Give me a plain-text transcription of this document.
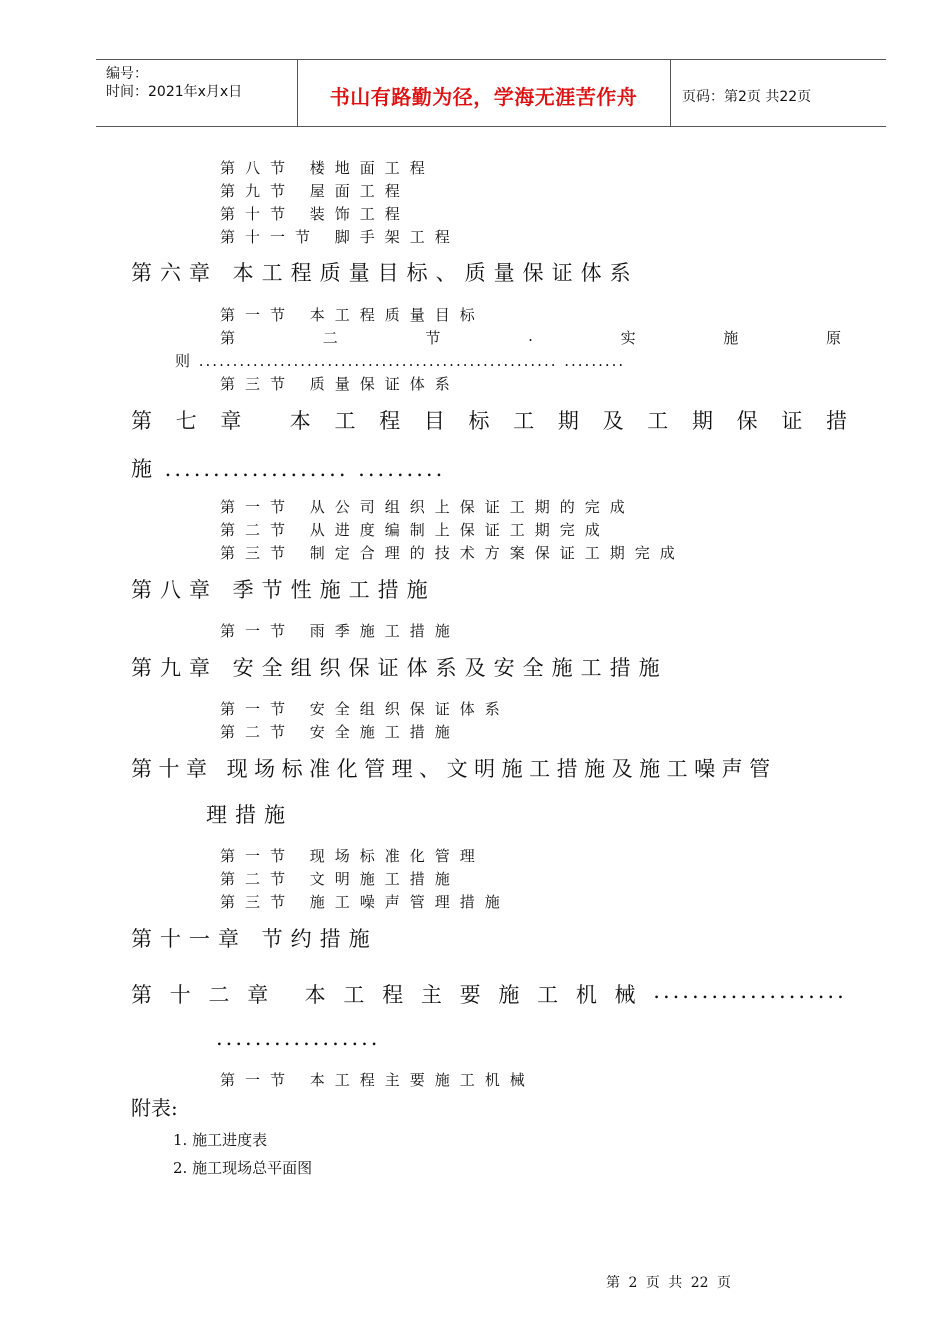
编号：
时间：2021年x月x日	书山有路勤为径，学海无涯苦作舟	页码：第2页 共22页
第八节 楼地面工程
第九节 屋面工程
第十节 装饰工程
第十一节 脚手架工程
第六章 本工程质量目标、质量保证体系
第一节 本工程质量目标
第	二	节	.	实	施	原
则 ..................................................... .........
第三节 质量保证体系
第 七 章 本 工 程 目 标 工 期 及 工 期 保 证 措
施 ................... .........
第一节 从公司组织上保证工期的完成
第二节 从进度编制上保证工期完成
第三节 制定合理的技术方案保证工期完成
第八章 季节性施工措施
第一节 雨季施工措施
第九章 安全组织保证体系及安全施工措施
第一节 安全组织保证体系
第二节 安全施工措施
第十章 现场标准化管理、文明施工措施及施工噪声管
理措施
第一节 现场标准化管理
第二节 文明施工措施
第三节 施工噪声管理措施
第十一章 节约措施
第 十 二 章 本 工 程 主 要 施 工 机 械 ....................
.................
第一节 本工程主要施工机械
附表:
1. 施工进度表
2. 施工现场总平面图
第 2 页 共 22 页
